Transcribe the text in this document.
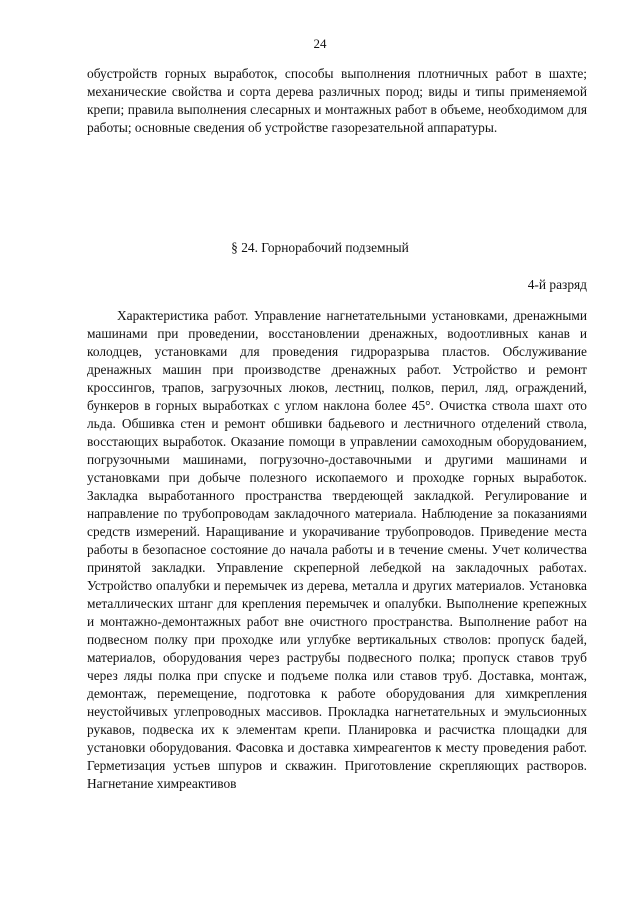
24

обустройств горных выработок, способы выполнения плотничных работ в шахте; механические свойства и сорта дерева различных пород; виды и типы применяемой крепи; правила выполнения слесарных и монтажных работ в объеме, необходимом для работы; основные сведения об устройстве газорезательной аппаратуры.

§ 24. Горнорабочий подземный
4-й разряд

Характеристика работ. Управление нагнетательными установками, дренажными машинами при проведении, восстановлении дренажных, водоотливных канав и колодцев, установками для проведения гидроразрыва пластов. Обслуживание дренажных машин при производстве дренажных работ. Устройство и ремонт кроссингов, трапов, загрузочных люков, лестниц, полков, перил, ляд, ограждений, бункеров в горных выработках с углом наклона более 45°. Очистка ствола шахт ото льда. Обшивка стен и ремонт обшивки бадьевого и лестничного отделений ствола, восстающих выработок. Оказание помощи в управлении самоходным оборудованием, погрузочными машинами, погрузочно-доставочными и другими машинами и установками при добыче полезного ископаемого и проходке горных выработок. Закладка выработанного пространства твердеющей закладкой. Регулирование и направление по трубопроводам закладочного материала. Наблюдение за показаниями средств измерений. Наращивание и укорачивание трубопроводов. Приведение места работы в безопасное состояние до начала работы и в течение смены. Учет количества принятой закладки. Управление скреперной лебедкой на закладочных работах. Устройство опалубки и перемычек из дерева, металла и других материалов. Установка металлических штанг для крепления перемычек и опалубки. Выполнение крепежных и монтажно-демонтажных работ вне очистного пространства. Выполнение работ на подвесном полку при проходке или углубке вертикальных стволов: пропуск бадей, материалов, оборудования через раструбы подвесного полка; пропуск ставов труб через ляды полка при спуске и подъеме полка или ставов труб. Доставка, монтаж, демонтаж, перемещение, подготовка к работе оборудования для химкрепления неустойчивых углепроводных массивов. Прокладка нагнетательных и эмульсионных рукавов, подвеска их к элементам крепи. Планировка и расчистка площадки для установки оборудования. Фасовка и доставка химреагентов к месту проведения работ. Герметизация устьев шпуров и скважин. Приготовление скрепляющих растворов. Нагнетание химреактивов
